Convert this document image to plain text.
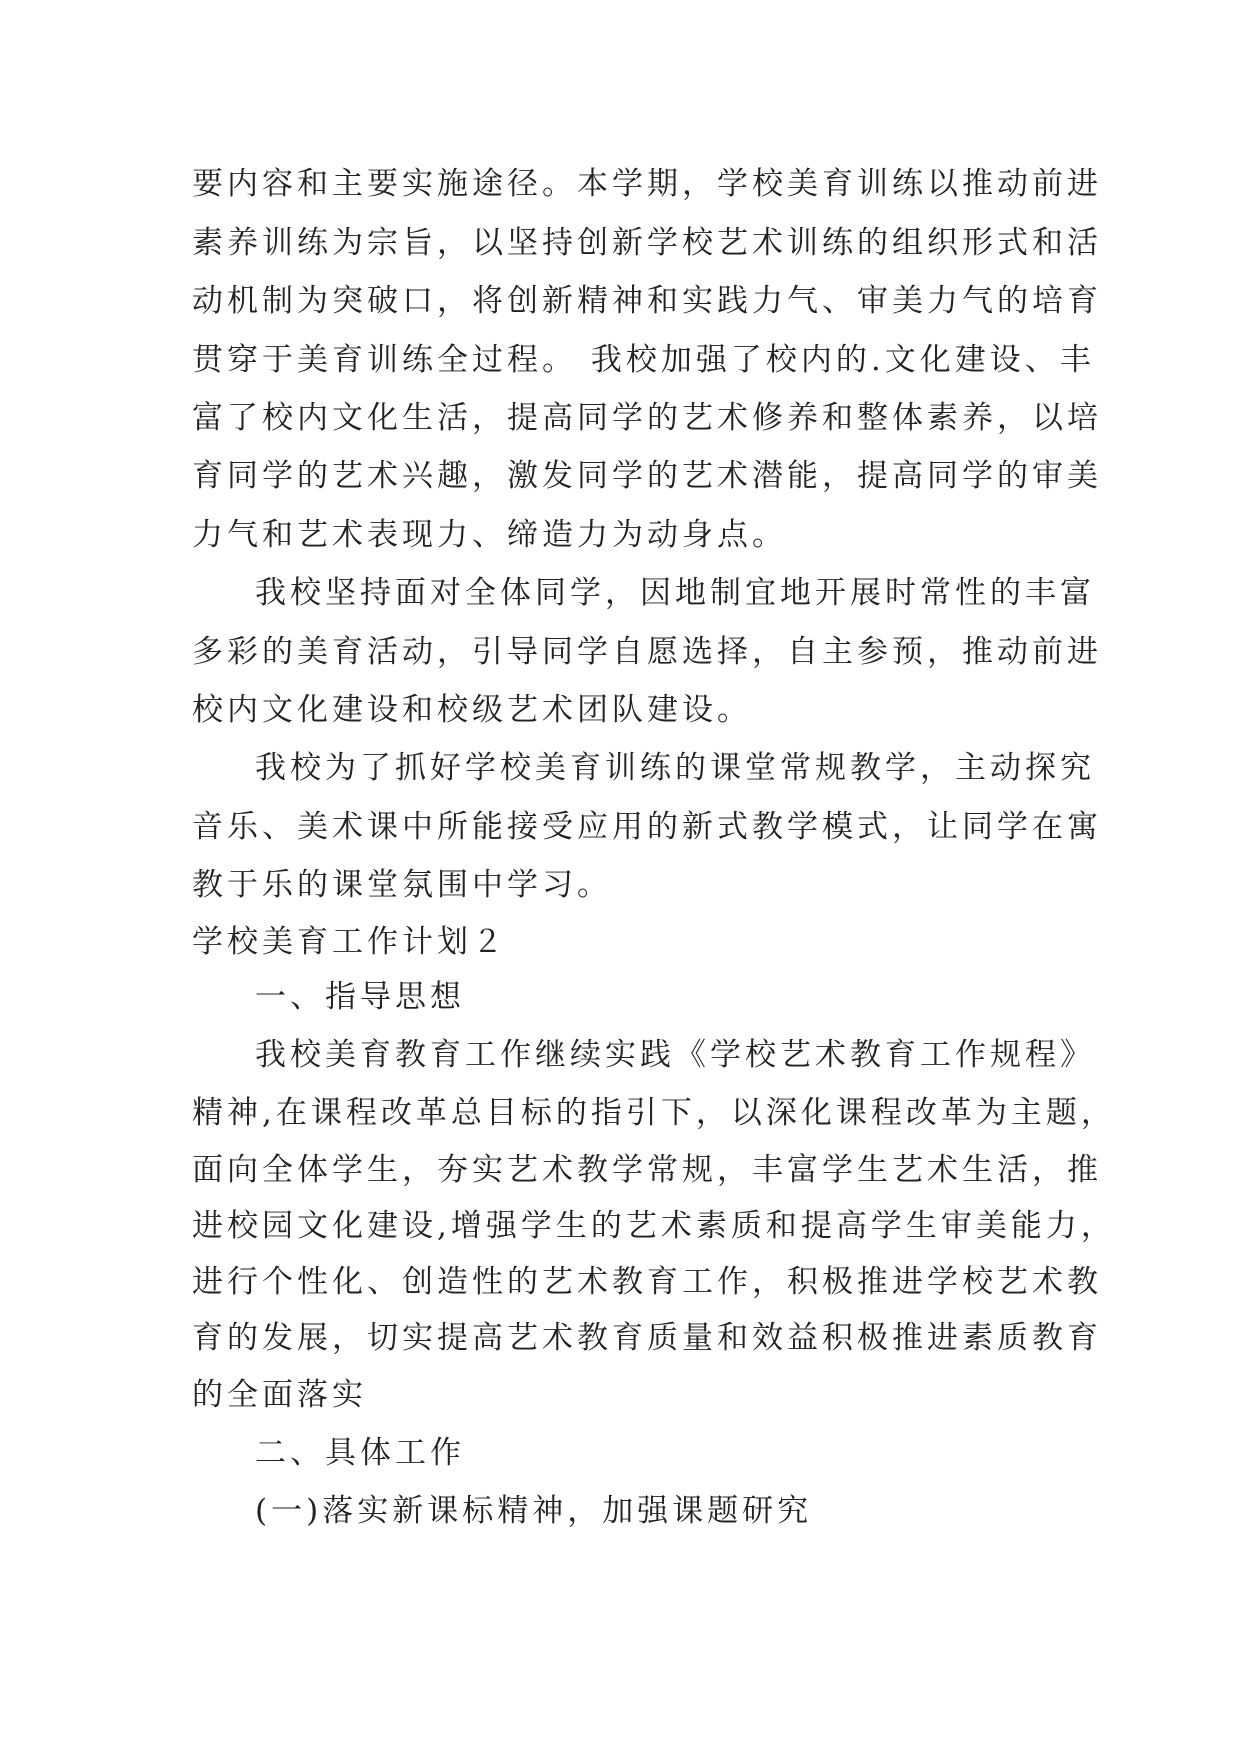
要内容和主要实施途径。本学期，学校美育训练以推动前进
素养训练为宗旨，以坚持创新学校艺术训练的组织形式和活
动机制为突破口，将创新精神和实践力气、审美力气的培育
贯穿于美育训练全过程。 我校加强了校内的.文化建设、丰
富了校内文化生活，提高同学的艺术修养和整体素养，以培
育同学的艺术兴趣，激发同学的艺术潜能，提高同学的审美
力气和艺术表现力、缔造力为动身点。
我校坚持面对全体同学，因地制宜地开展时常性的丰富
多彩的美育活动，引导同学自愿选择，自主参预，推动前进
校内文化建设和校级艺术团队建设。
我校为了抓好学校美育训练的课堂常规教学，主动探究
音乐、美术课中所能接受应用的新式教学模式，让同学在寓
教于乐的课堂氛围中学习。
学校美育工作计划２
一、指导思想
我校美育教育工作继续实践《学校艺术教育工作规程》
精神,在课程改革总目标的指引下，以深化课程改革为主题，
面向全体学生，夯实艺术教学常规，丰富学生艺术生活，推
进校园文化建设,增强学生的艺术素质和提高学生审美能力，
进行个性化、创造性的艺术教育工作，积极推进学校艺术教
育的发展，切实提高艺术教育质量和效益积极推进素质教育
的全面落实
二、具体工作
(一)落实新课标精神，加强课题研究
